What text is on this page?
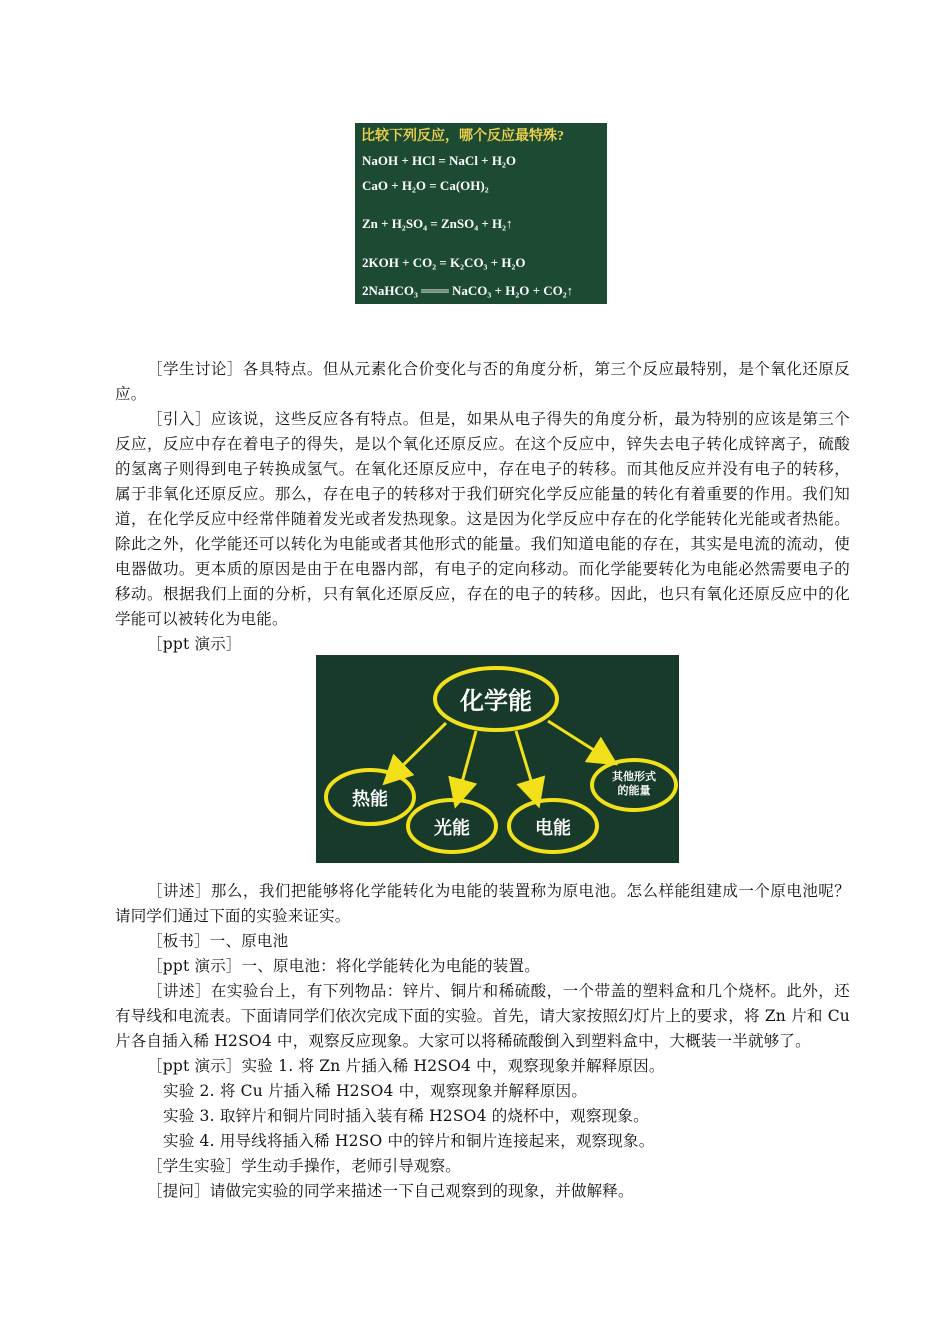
比较下列反应，哪个反应最特殊?
NaOH + HCl = NaCl + H₂O
CaO + H₂O = Ca(OH)₂
Zn + H₂SO₄ = ZnSO₄ + H₂↑
2KOH + CO₂ = K₂CO₃ + H₂O
2NaHCO₃ ═══ NaCO₃ + H₂O + CO₂↑

［学生讨论］各具特点。但从元素化合价变化与否的角度分析，第三个反应最特别，是个氧化还原反应。

［引入］应该说，这些反应各有特点。但是，如果从电子得失的角度分析，最为特别的应该是第三个反应，反应中存在着电子的得失，是以个氧化还原反应。在这个反应中，锌失去电子转化成锌离子，硫酸的氢离子则得到电子转换成氢气。在氧化还原反应中，存在电子的转移。而其他反应并没有电子的转移，属于非氧化还原反应。那么，存在电子的转移对于我们研究化学反应能量的转化有着重要的作用。我们知道，在化学反应中经常伴随着发光或者发热现象。这是因为化学反应中存在的化学能转化光能或者热能。除此之外，化学能还可以转化为电能或者其他形式的能量。我们知道电能的存在，其实是电流的流动，使电器做功。更本质的原因是由于在电器内部，有电子的定向移动。而化学能要转化为电能必然需要电子的移动。根据我们上面的分析，只有氧化还原反应，存在的电子的转移。因此，也只有氧化还原反应中的化学能可以被转化为电能。

［ppt 演示］
化学能
热能
光能	电能
其他形式的能量

［讲述］那么，我们把能够将化学能转化为电能的装置称为原电池。怎么样能组建成一个原电池呢？请同学们通过下面的实验来证实。

［板书］一、原电池
［ppt 演示］一、原电池：将化学能转化为电能的装置。

［讲述］在实验台上，有下列物品：锌片、铜片和稀硫酸，一个带盖的塑料盒和几个烧杯。此外，还有导线和电流表。下面请同学们依次完成下面的实验。首先，请大家按照幻灯片上的要求，将 Zn 片和 Cu 片各自插入稀 H2SO4 中，观察反应现象。大家可以将稀硫酸倒入到塑料盒中，大概装一半就够了。

［ppt 演示］实验 1. 将 Zn 片插入稀 H2SO4 中，观察现象并解释原因。
实验 2. 将 Cu 片插入稀 H2SO4 中，观察现象并解释原因。
实验 3. 取锌片和铜片同时插入装有稀 H2SO4 的烧杯中，观察现象。
实验 4. 用导线将插入稀 H2SO 中的锌片和铜片连接起来，观察现象。
［学生实验］学生动手操作，老师引导观察。
［提问］请做完实验的同学来描述一下自己观察到的现象，并做解释。
